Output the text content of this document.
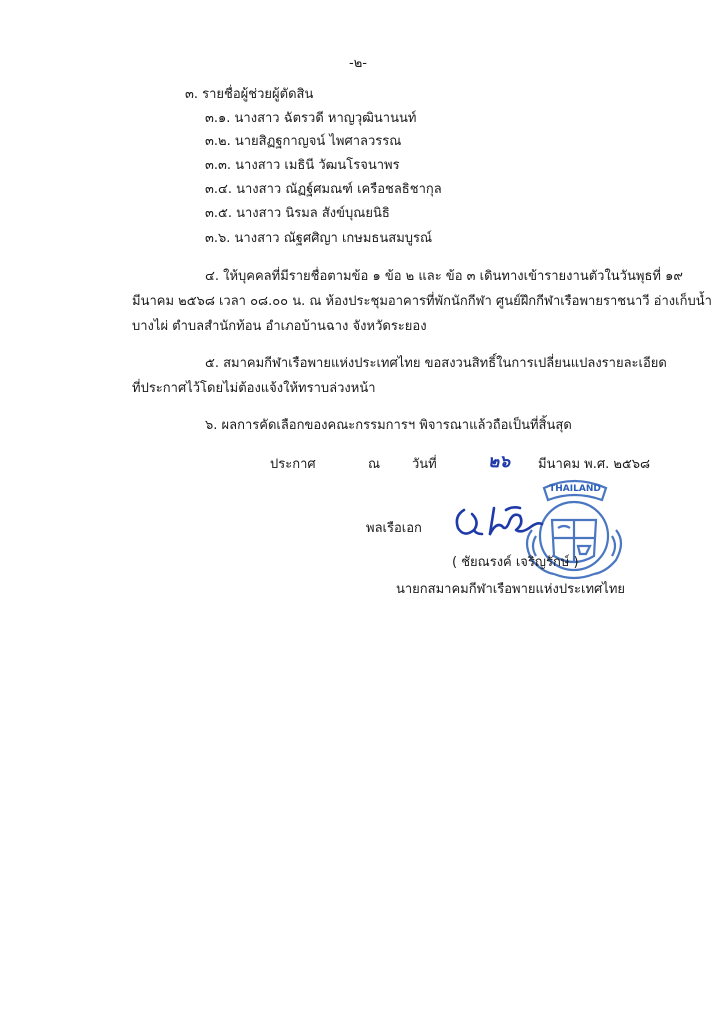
-๒-
๓. รายชื่อผู้ช่วยผู้ตัดสิน
๓.๑. นางสาว ฉัตรวดี หาญวุฒินานนท์
๓.๒. นายสิฏฐกาญจน์ ไพศาลวรรณ
๓.๓. นางสาว เมธินี วัฒนโรจนาพร
๓.๔. นางสาว ณัฏฐ์ศมณฑ์ เครือชลธิชากุล
๓.๕. นางสาว นิรมล สังข์บุณยนิธิ
๓.๖. นางสาว ณัฐศศิญา เกษมธนสมบูรณ์
๔. ให้บุคคลที่มีรายชื่อตามข้อ ๑ ข้อ ๒ และ ข้อ ๓ เดินทางเข้ารายงานตัวในวันพุธที่ ๑๙
มีนาคม ๒๕๖๘ เวลา ๐๘.๐๐ น. ณ ห้องประชุมอาคารที่พักนักกีฬา ศูนย์ฝึกกีฬาเรือพายราชนาวี อ่างเก็บน้ำ
บางไผ่ ตำบลสำนักท้อน อำเภอบ้านฉาง จังหวัดระยอง
๕. สมาคมกีฬาเรือพายแห่งประเทศไทย ขอสงวนสิทธิ์ในการเปลี่ยนแปลงรายละเอียด
ที่ประกาศไว้โดยไม่ต้องแจ้งให้ทราบล่วงหน้า
๖. ผลการคัดเลือกของคณะกรรมการฯ พิจารณาแล้วถือเป็นที่สิ้นสุด
ประกาศ	ณ วันที่	๒๖ มีนาคม พ.ศ. ๒๕๖๘
THAILAND
พลเรือเอก
( ชัยณรงค์ เจริญรักษ์ )
นายกสมาคมกีฬาเรือพายแห่งประเทศไทย
